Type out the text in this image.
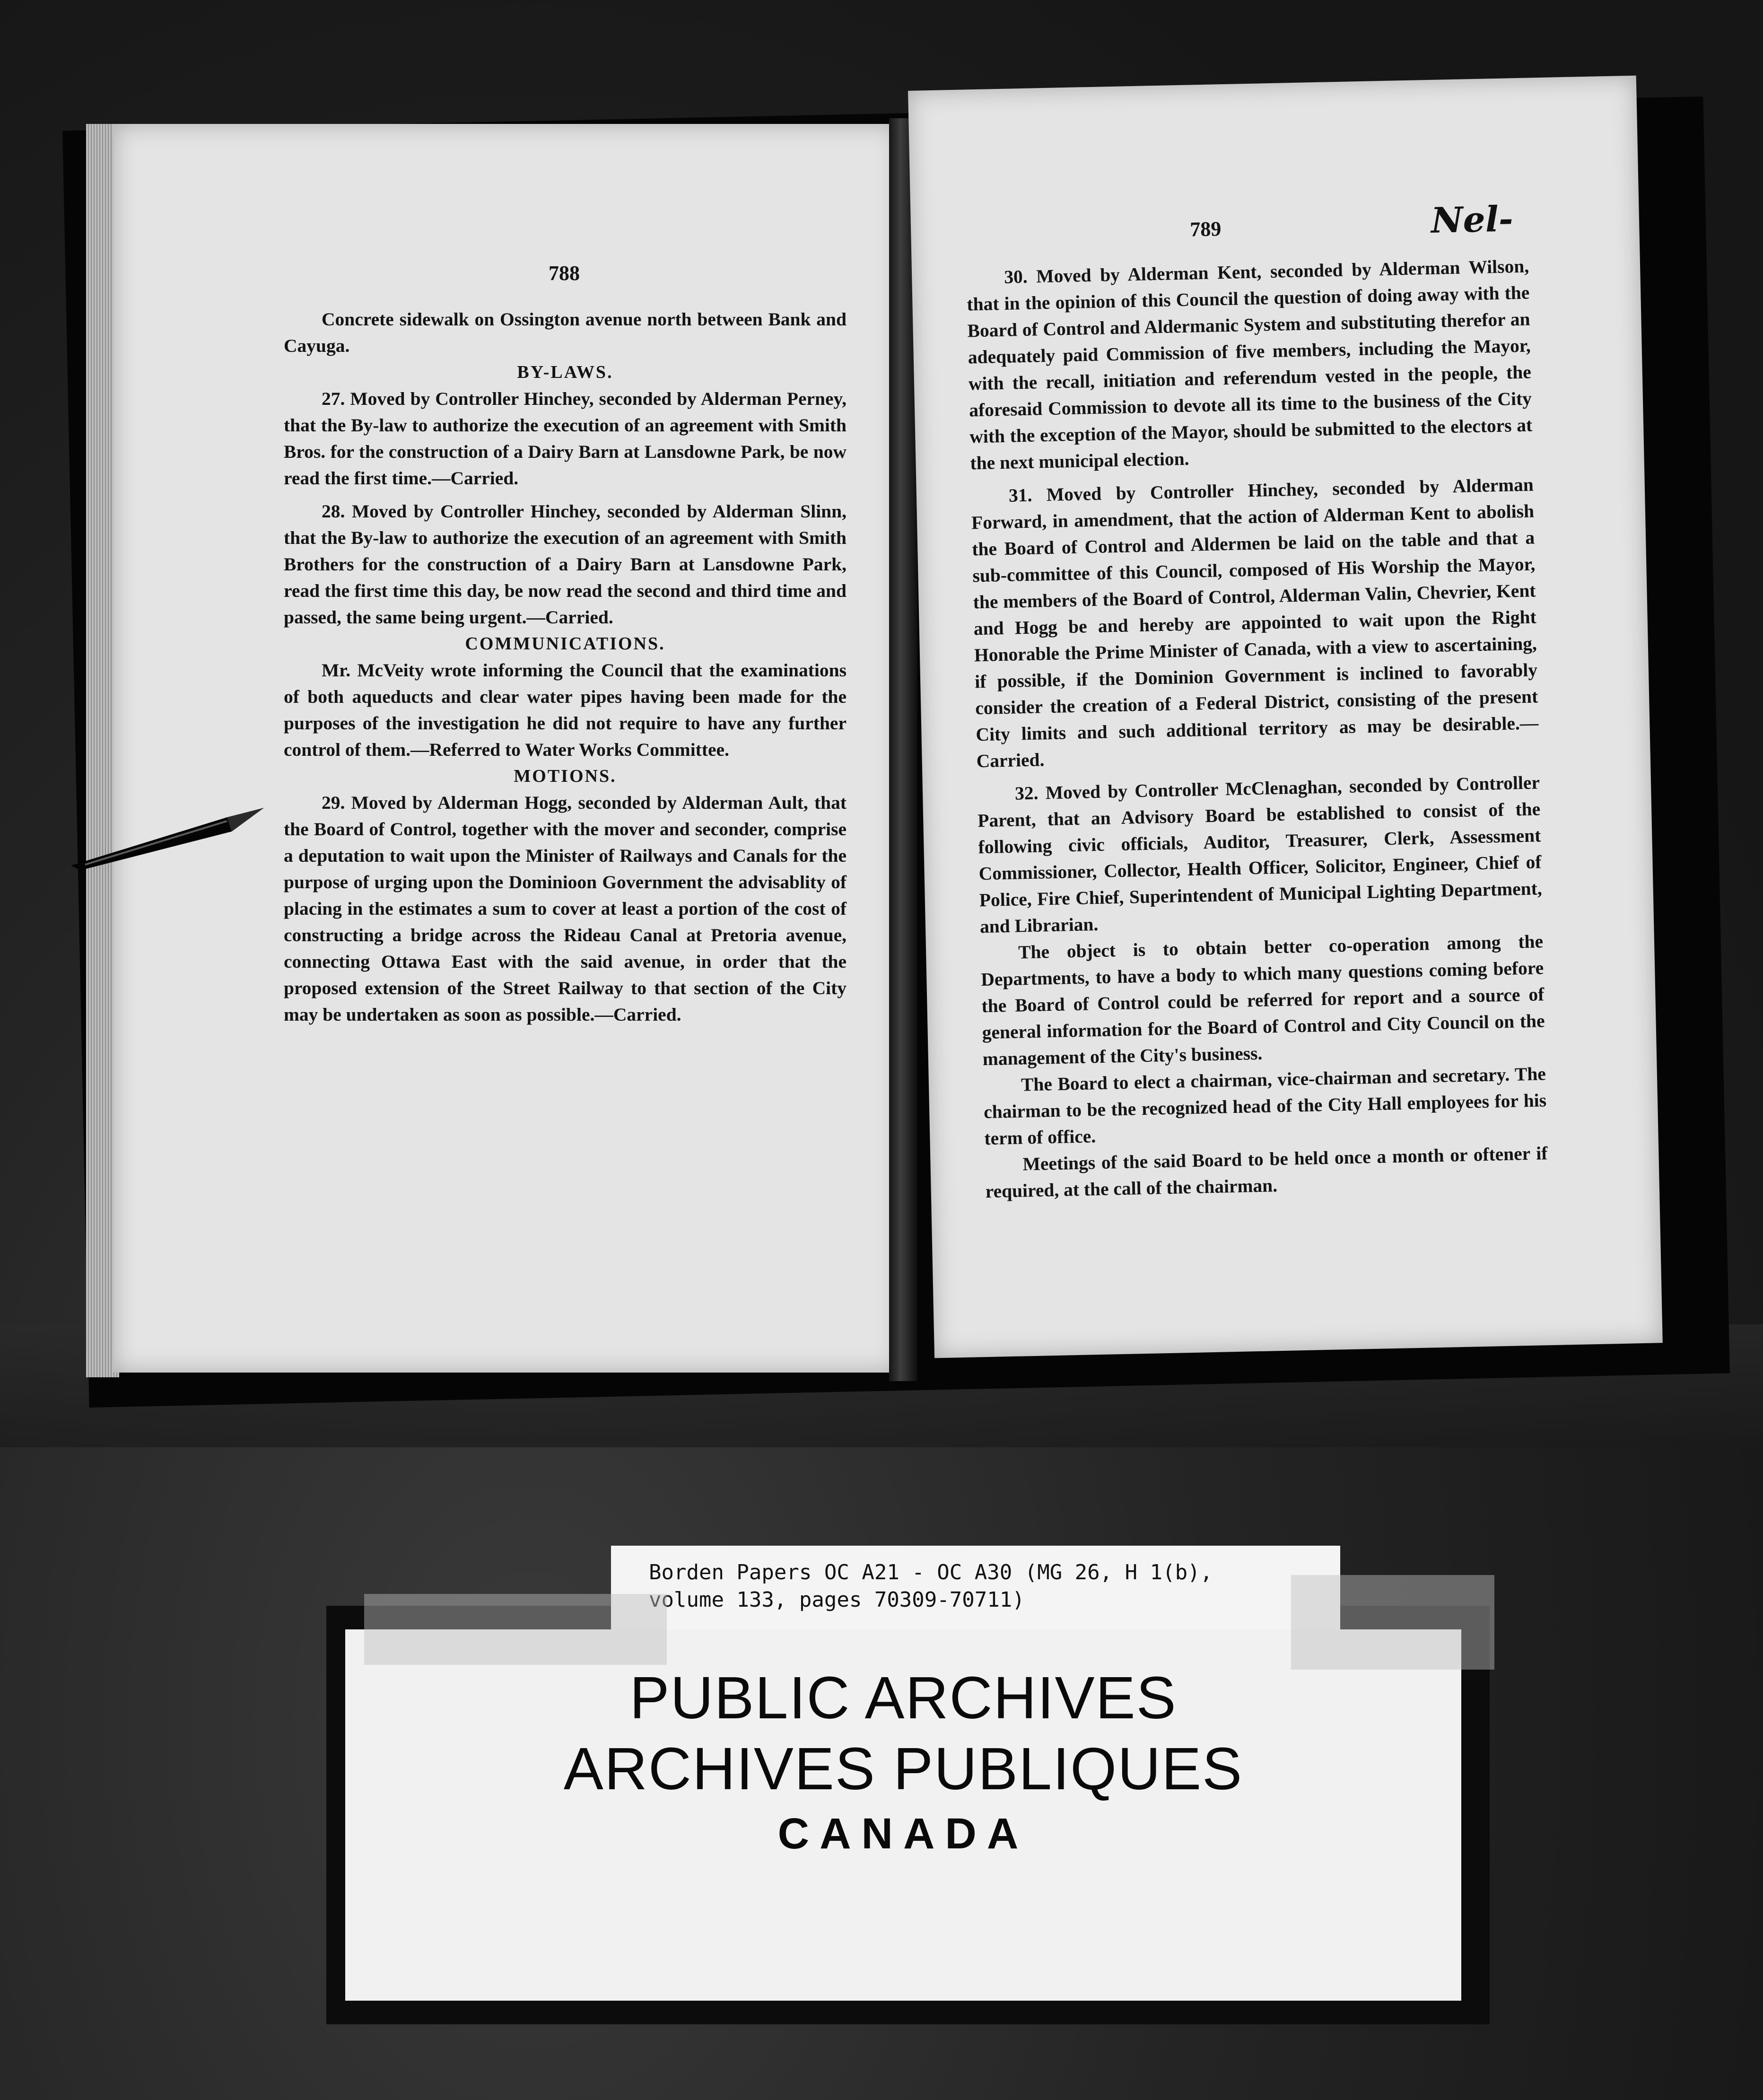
788

Concrete sidewalk on Ossington avenue north between Bank and Cayuga.

BY-LAWS.

27. Moved by Controller Hinchey, seconded by Alderman Perney, that the By-law to authorize the execution of an agreement with Smith Bros. for the construction of a Dairy Barn at Lansdowne Park, be now read the first time.—Carried.

28. Moved by Controller Hinchey, seconded by Alderman Slinn, that the By-law to authorize the execution of an agreement with Smith Brothers for the construction of a Dairy Barn at Lansdowne Park, read the first time this day, be now read the second and third time and passed, the same being urgent.—Carried.

COMMUNICATIONS.

Mr. McVeity wrote informing the Council that the examinations of both aqueducts and clear water pipes having been made for the purposes of the investigation he did not require to have any further control of them.—Referred to Water Works Committee.

MOTIONS.

29. Moved by Alderman Hogg, seconded by Alderman Ault, that the Board of Control, together with the mover and seconder, comprise a deputation to wait upon the Minister of Railways and Canals for the purpose of urging upon the Dominioon Government the advisablity of placing in the estimates a sum to cover at least a portion of the cost of constructing a bridge across the Rideau Canal at Pretoria avenue, connecting Ottawa East with the said avenue, in order that the proposed extension of the Street Railway to that section of the City may be undertaken as soon as possible.—Carried.

789	Nel-

30. Moved by Alderman Kent, seconded by Alderman Wilson, that in the opinion of this Council the question of doing away with the Board of Control and Aldermanic System and substituting therefor an adequately paid Commission of five members, including the Mayor, with the recall, initiation and referendum vested in the people, the aforesaid Commission to devote all its time to the business of the City with the exception of the Mayor, should be submitted to the electors at the next municipal election.

31. Moved by Controller Hinchey, seconded by Alderman Forward, in amendment, that the action of Alderman Kent to abolish the Board of Control and Aldermen be laid on the table and that a sub-committee of this Council, composed of His Worship the Mayor, the members of the Board of Control, Alderman Valin, Chevrier, Kent and Hogg be and hereby are appointed to wait upon the Right Honorable the Prime Minister of Canada, with a view to ascertaining, if possible, if the Dominion Government is inclined to favorably consider the creation of a Federal District, consisting of the present City limits and such additional territory as may be desirable.—Carried.

32. Moved by Controller McClenaghan, seconded by Controller Parent, that an Advisory Board be established to consist of the following civic officials, Auditor, Treasurer, Clerk, Assessment Commissioner, Collector, Health Officer, Solicitor, Engineer, Chief of Police, Fire Chief, Superintendent of Municipal Lighting Department, and Librarian.

The object is to obtain better co-operation among the Departments, to have a body to which many questions coming before the Board of Control could be referred for report and a source of general information for the Board of Control and City Council on the management of the City's business.

The Board to elect a chairman, vice-chairman and secretary. The chairman to be the recognized head of the City Hall employees for his term of office.

Meetings of the said Board to be held once a month or oftener if required, at the call of the chairman.

Borden Papers OC A21 - OC A30 (MG 26, H 1(b),
volume 133, pages 70309-70711)
PUBLIC ARCHIVES
ARCHIVES PUBLIQUES
CANADA
